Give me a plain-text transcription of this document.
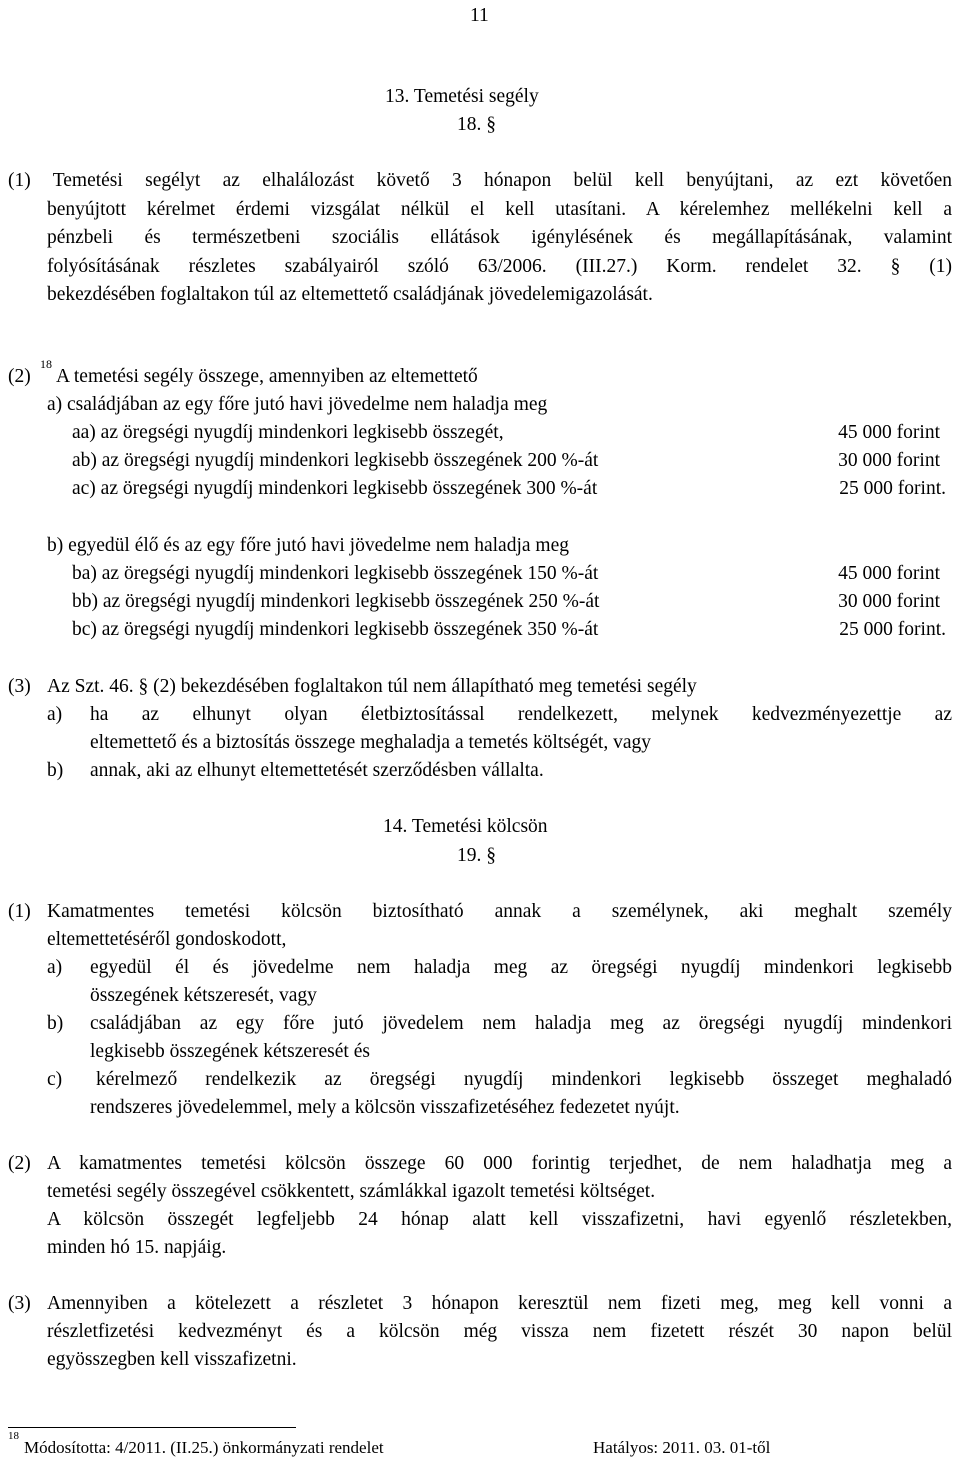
11
13. Temetési segély
18. §
(1) Temetési segélyt az elhalálozást követő 3 hónapon belül kell benyújtani, az ezt követően
benyújtott kérelmet érdemi vizsgálat nélkül el kell utasítani. A kérelemhez mellékelni kell a
pénzbeli és természetbeni szociális ellátások igénylésének és megállapításának, valamint
folyósításának részletes szabályairól szóló 63/2006. (III.27.) Korm. rendelet 32. § (1)
bekezdésében foglaltakon túl az eltemettető családjának jövedelemigazolását.
(2)
18
A temetési segély összege, amennyiben az eltemettető
a) családjában az egy főre jutó havi jövedelme nem haladja meg
aa) az öregségi nyugdíj mindenkori legkisebb összegét,	45 000 forint
ab) az öregségi nyugdíj mindenkori legkisebb összegének 200 %-át	30 000 forint
ac) az öregségi nyugdíj mindenkori legkisebb összegének 300 %-át	25 000 forint.
b) egyedül élő és az egy főre jutó havi jövedelme nem haladja meg
ba) az öregségi nyugdíj mindenkori legkisebb összegének 150 %-át	45 000 forint
bb) az öregségi nyugdíj mindenkori legkisebb összegének 250 %-át	30 000 forint
bc) az öregségi nyugdíj mindenkori legkisebb összegének 350 %-át	25 000 forint.
(3) Az Szt. 46. § (2) bekezdésében foglaltakon túl nem állapítható meg temetési segély
a) ha az elhunyt olyan életbiztosítással rendelkezett, melynek kedvezményezettje az
eltemettető és a biztosítás összege meghaladja a temetés költségét, vagy
b) annak, aki az elhunyt eltemettetését szerződésben vállalta.
14. Temetési kölcsön
19. §
(1) Kamatmentes temetési kölcsön biztosítható annak a személynek, aki meghalt személy
eltemettetéséről gondoskodott,
a) egyedül él és jövedelme nem haladja meg az öregségi nyugdíj mindenkori legkisebb
összegének kétszeresét, vagy
b) családjában az egy főre jutó jövedelem nem haladja meg az öregségi nyugdíj mindenkori
legkisebb összegének kétszeresét és
c) kérelmező rendelkezik az öregségi nyugdíj mindenkori legkisebb összeget meghaladó
rendszeres jövedelemmel, mely a kölcsön visszafizetéséhez fedezetet nyújt.
(2) A kamatmentes temetési kölcsön összege 60 000 forintig terjedhet, de nem haladhatja meg a
temetési segély összegével csökkentett, számlákkal igazolt temetési költséget.
A kölcsön összegét legfeljebb 24 hónap alatt kell visszafizetni, havi egyenlő részletekben,
minden hó 15. napjáig.
(3) Amennyiben a kötelezett a részletet 3 hónapon keresztül nem fizeti meg, meg kell vonni a
részletfizetési kedvezményt és a kölcsön még vissza nem fizetett részét 30 napon belül
egyösszegben kell visszafizetni.
18
Módosította: 4/2011. (II.25.) önkormányzati rendelet	Hatályos: 2011. 03. 01-től
